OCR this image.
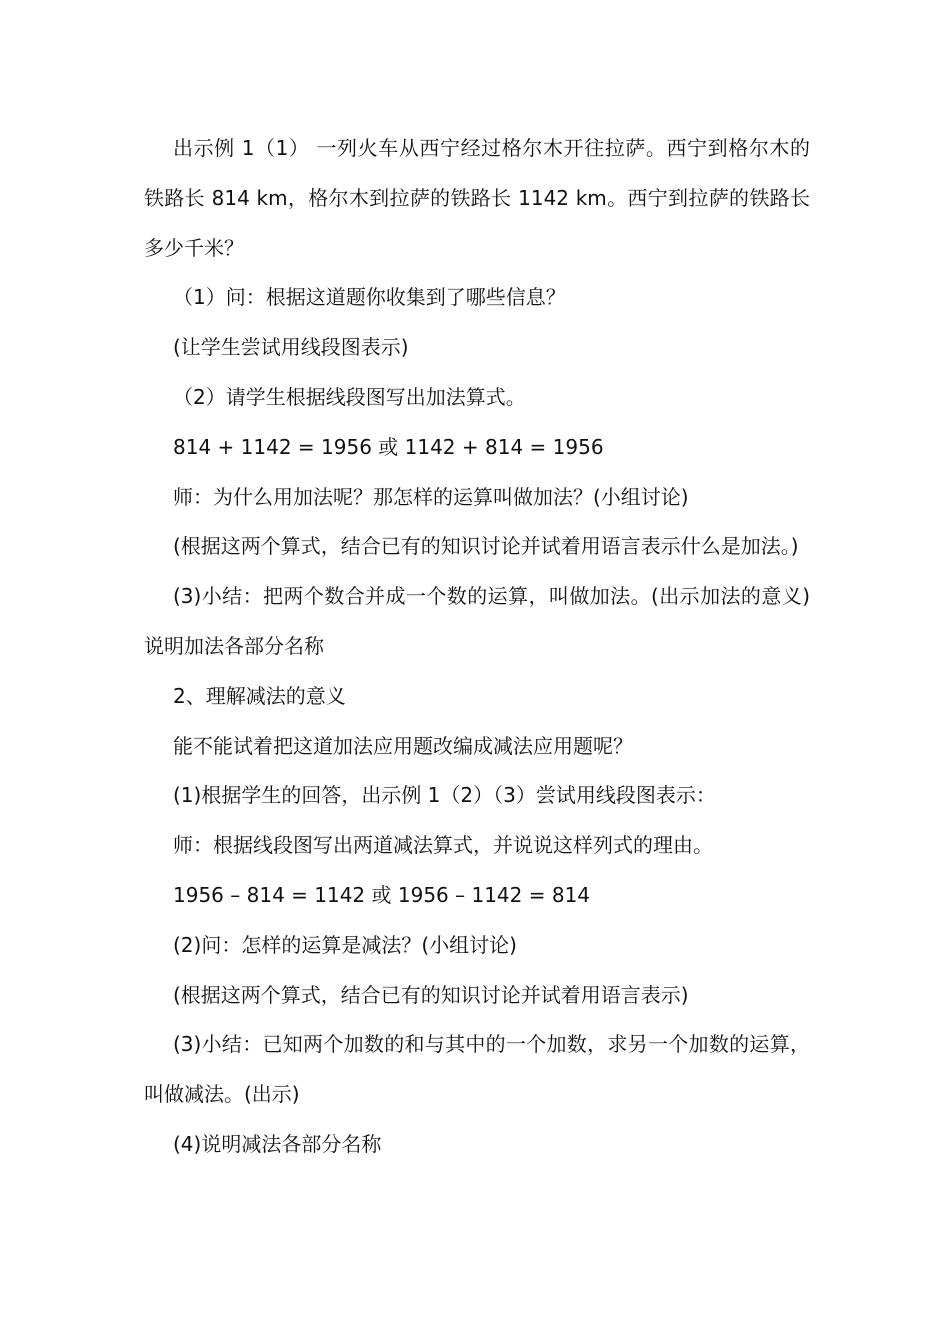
出示例 1（1） 一列火车从西宁经过格尔木开往拉萨。西宁到格尔木的铁路长 814 km，格尔木到拉萨的铁路长 1142 km。西宁到拉萨的铁路长多少千米？

（1）问：根据这道题你收集到了哪些信息？

(让学生尝试用线段图表示)

（2）请学生根据线段图写出加法算式。

814 + 1142 = 1956 或 1142 + 814 = 1956

师：为什么用加法呢？那怎样的运算叫做加法？(小组讨论)

(根据这两个算式，结合已有的知识讨论并试着用语言表示什么是加法。)

(3)小结：把两个数合并成一个数的运算，叫做加法。(出示加法的意义)说明加法各部分名称

2、理解减法的意义

能不能试着把这道加法应用题改编成减法应用题呢？

(1)根据学生的回答，出示例 1（2）（3）尝试用线段图表示：

师：根据线段图写出两道减法算式，并说说这样列式的理由。

1956 – 814 = 1142 或 1956 – 1142 = 814

(2)问：怎样的运算是减法？(小组讨论)

(根据这两个算式，结合已有的知识讨论并试着用语言表示)

(3)小结：已知两个加数的和与其中的一个加数，求另一个加数的运算，叫做减法。(出示)

(4)说明减法各部分名称
